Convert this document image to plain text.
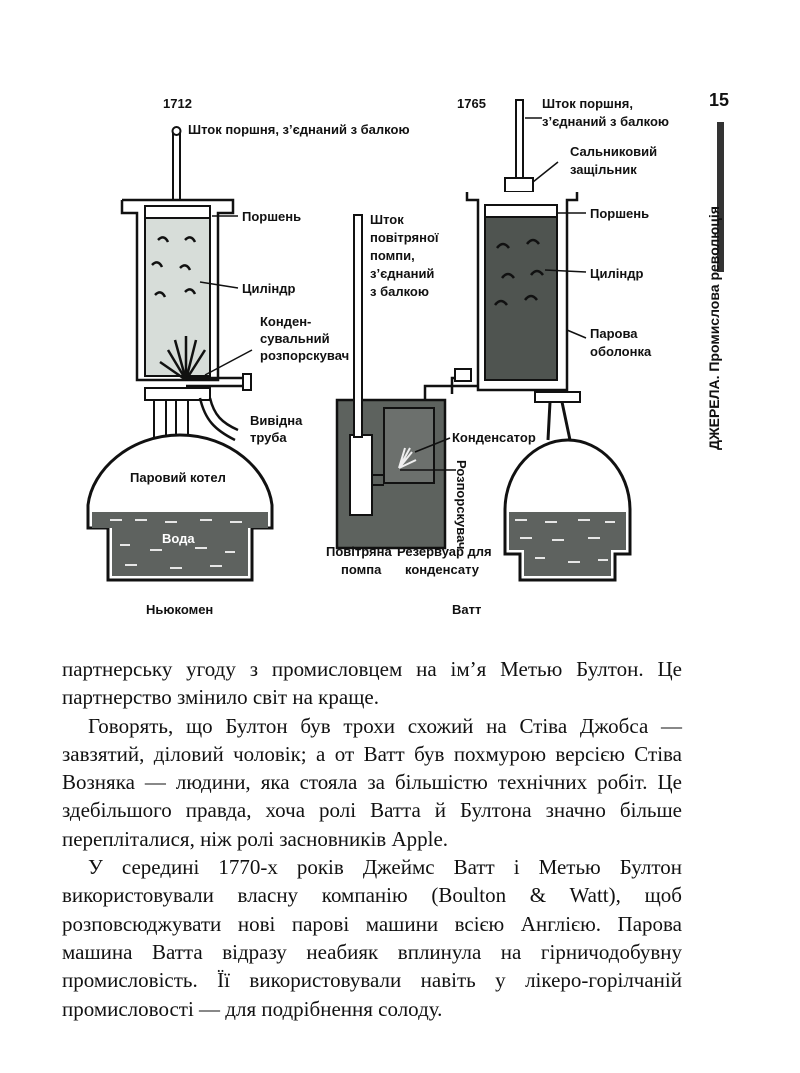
15
ДЖЕРЕЛА. Промислова революція
1712
Шток поршня, з’єднаний з балкою
Поршень
Циліндр
Конден-
сувальний
розпорскувач
Вивідна
труба
Паровий котел
Вода
Ньюкомен
1765	Шток поршня,
з’єднаний з балкою
Сальниковий
защільник
Шток
повітряної
помпи,
з’єднаний
з балкою
Поршень
Циліндр
Парова
оболонка
Конденсатор
Розпорскувач
Повітряна
помпа
Резервуар для
конденсату
Ватт

партнерську угоду з промисловцем на ім’я Метью Бултон. Це партнерство змінило світ на краще.

Говорять, що Бултон був трохи схожий на Стіва Джобса — завзятий, діловий чоловік; а от Ватт був похмурою версією Стіва Возняка — людини, яка стояла за більшістю технічних робіт. Це здебільшого правда, хоча ролі Ватта й Бултона значно більше перепліталися, ніж ролі засновників Apple.

У середині 1770-х років Джеймс Ватт і Метью Бултон використовували власну компанію (Boulton & Watt), щоб розповсюджувати нові парові машини всією Англією. Парова машина Ватта відразу неабияк вплинула на гірничодобувну промисловість. Її використовували навіть у лікеро-горілчаній промисловості — для подрібнення солоду.
